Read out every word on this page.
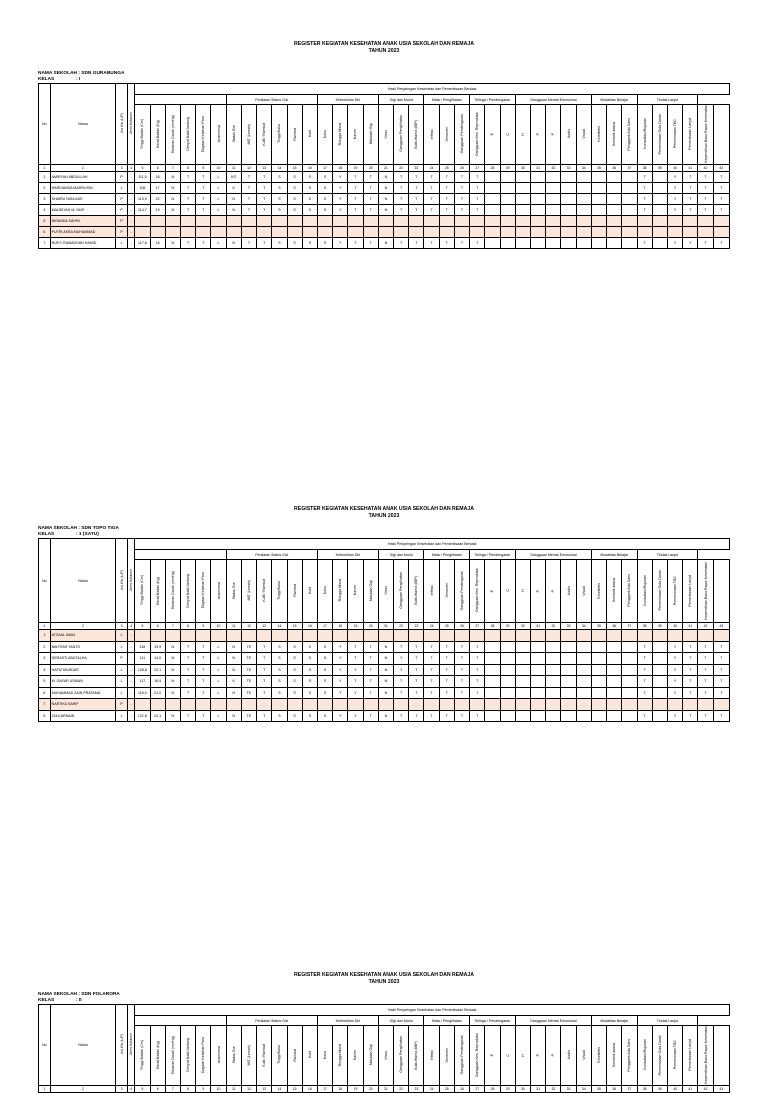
REGISTER KEGIATAN KESEHATAN ANAK USIA SEKOLAH DAN REMAJA
TAHUN 2023
NAMA SEKOLAH : SDN GURABUNGA
KELAS	: I
No	Nama	Jns Kls (L/P)	Jenis Kelamin	Hasil Penjaringan Kesehatan dan Pemeriksaan Berkala																																						
										Penilaian Status Gizi						Kebersihan Diri				Gigi dan Mulut			Mata / Penglihatan			Telinga / Pendengaran			Gangguan Mental Emosional					Modalitas Belajar			Tindak Lanjut					
				Tinggi Badan (Cm)	Berat Badan (Kg)	Tekanan Darah (mmHg)	Denyut Nadi/Jantung	Dugaan Kelainan Paru	Anamnesa	Status Gizi	IMT (Lemah)	Kulit / Rambut	Tinggi/Kuku	Rambut	Kulit	Kuku	Rongga Mulut	Karies	Masalah Gigi	Visus	Gangguan Penglihatan	Buta Warna (MIP)	Infeksi	Serumen	Gangguan Pendengaran	Gangguan Kes. Reproduksi	E	C	H	P	P	Audio	Visual	Kinestetik	Sombed akana	Pengganti Ada Sans	Konsultasi/Rujukan	Pemeriksaan Gula Darah	Pemeriksaan TBC	Pemeriksaan Lanjut	Kepemilikan Buku Rapor Kesehatan	
1	2	3	4	5	6	7	8	9	10	11	12	13	14	15	16	17	18	19	20	21	22	23	24	25	26	27	28	29	30	31	32	33	34	35	36	37	38	39	40	41	42	43
1	AMIRYAH ABDULLAH	P	-	111,5	16	N	T	T	L	KG	T	T	S	S	S	S	Y	T	T	N	T	T	T	T	T	T											T		Y	T	T	T
2	HARDIANSA MAHRUSIN	L	-	106	17	N	T	T	L	K	T	T	S	S	S	S	Y	T	T	N	T	T	T	T	T	T											T		Y	T	T	T
3	SHAIRU NISA ADE	P	-	115,5	22	N	T	T	L	N	T	T	S	S	S	S	Y	T	T	N	T	T	T	T	T	T											T		Y	T	T	T
4	MAUDIYAH M. NUR	P	-	114,7	19	N	T	T	L	N	T	T	S	S	S	S	Y	T	T	N	T	T	T	T	T	T											T		Y	T	T	T
5	NIRANDA SAHRL	P	-																																							
6	PUTRI AKRA MUHAMMAD	P	-																																							
7	RIZKY RAMADHAN HAMID	L	-	117,6	16	N	T	T	L	N	T	T	S	S	S	S	Y	T	T	N	T	T	T	T	T	T											T		Y	Y	T	T
REGISTER KEGIATAN KESEHATAN ANAK USIA SEKOLAH DAN REMAJA
TAHUN 2023
NAMA SEKOLAH : SDN TOPO TIGA
KELAS	: 1 (SATU)
No	Nama	Jns Kls (L/P)	Jenis Kelamin	Hasil Penjaringan Kesehatan dan Pemeriksaan Berkala																																						
										Penilaian Status Gizi						Kebersihan Diri				Gigi dan Mulut			Mata / Penglihatan			Telinga / Pendengaran			Gangguan Mental Emosional					Modalitas Belajar			Tindak Lanjut					
				Tinggi Badan (Cm)	Berat Badan (Kg)	Tekanan Darah (mmHg)	Denyut Nadi/Jantung	Dugaan Kelainan Paru	Anamnesa	Status Gizi	IMT (Lemah)	Kulit / Rambut	Tinggi/Kuku	Rambut	Kulit	Kuku	Rongga Mulut	Karies	Masalah Gigi	Visus	Gangguan Penglihatan	Buta Warna (MIP)	Infeksi	Serumen	Gangguan Pendengaran	Gangguan Kes. Reproduksi	E	C	H	P	P	Audio	Visual	Kinestetik	Sombed akana	Pengganti Ada Sans	Konsultasi/Rujukan	Pemeriksaan Gula Darah	Pemeriksaan TBC	Pemeriksaan Lanjut	Kepemilikan Buku Rapor Kesehatan	
1	2	3	4	5	6	7	8	9	10	11	12	13	14	15	16	17	18	19	20	21	22	23	24	25	26	27	28	29	30	31	32	33	34	35	36	37	38	39	40	41	42	43
1	ATSAAL IMAN	L	-																																							
2	BAHTIAR YANTO	L	-	116	19,9	N	T	T	L	N	TE	T	S	S	S	S	Y	T	T	N	T	T	T	T	T	T											T		Y	T	T	T
3	DERASTI ABUTALHA	P	-	111	14,0	N	T	T	L	N	TE	T	S	S	S	S	Y	T	T	N	Y	T	T	T	T	T											T		Y	T	T	T
4	HAFIZ MUHDAR	L	-	126,8	22,1	N	T	T	L	N	TE	T	S	S	S	S	Y	Y	T	N	Y	T	T	T	T	T											T		Y	T	T	T
5	M. GAFAR USMAN	L	-	117	16,9	N	T	T	L	K	TE	T	S	S	S	S	Y	T	T	N	T	T	T	T	T	T											T		Y	T	T	T
6	MUHAMMAD ZAIN PRATAMA	L	-	116,0	21,0	N	T	T	L	N	TE	T	S	S	S	S	Y	Y	T	N	T	T	T	T	T	T											T		Y	T	T	T
7	NARTIKA SARIF	P	-																																							
8	ZULKARNAIN	L	-	121,8	24,1	N	T	T	L	N	TE	T	S	S	S	S	Y	Y	T	N	T	T	T	T	T	T											T		Y	T	T	T
REGISTER KEGIATAN KESEHATAN ANAK USIA SEKOLAH DAN REMAJA
TAHUN 2023
NAMA SEKOLAH : SDN FOLARORA
KELAS	: II
No	Nama	Jns Kls (L/P)	Jenis Kelamin	Hasil Penjaringan Kesehatan dan Pemeriksaan Berkala																																						
										Penilaian Status Gizi						Kebersihan Diri				Gigi dan Mulut			Mata / Penglihatan			Telinga / Pendengaran			Gangguan Mental Emosional					Modalitas Belajar			Tindak Lanjut					
				Tinggi Badan (Cm)	Berat Badan (Kg)	Tekanan Darah (mmHg)	Denyut Nadi/Jantung	Dugaan Kelainan Paru	Anamnesa	Status Gizi	IMT (Lemah)	Kulit / Rambut	Tinggi/Kuku	Rambut	Kulit	Kuku	Rongga Mulut	Karies	Masalah Gigi	Visus	Gangguan Penglihatan	Buta Warna (MIP)	Infeksi	Serumen	Gangguan Pendengaran	Gangguan Kes. Reproduksi	E	C	H	P	P	Audio	Visual	Kinestetik	Sombed akana	Pengganti Ada Sans	Konsultasi/Rujukan	Pemeriksaan Gula Darah	Pemeriksaan TBC	Pemeriksaan Lanjut	Kepemilikan Buku Rapor Kesehatan	
1	2	3	4	5	6	7	8	9	10	11	12	13	14	15	16	17	18	19	20	21	22	23	24	25	26	27	28	29	30	31	32	33	34	35	36	37	38	39	40	41	42	43
